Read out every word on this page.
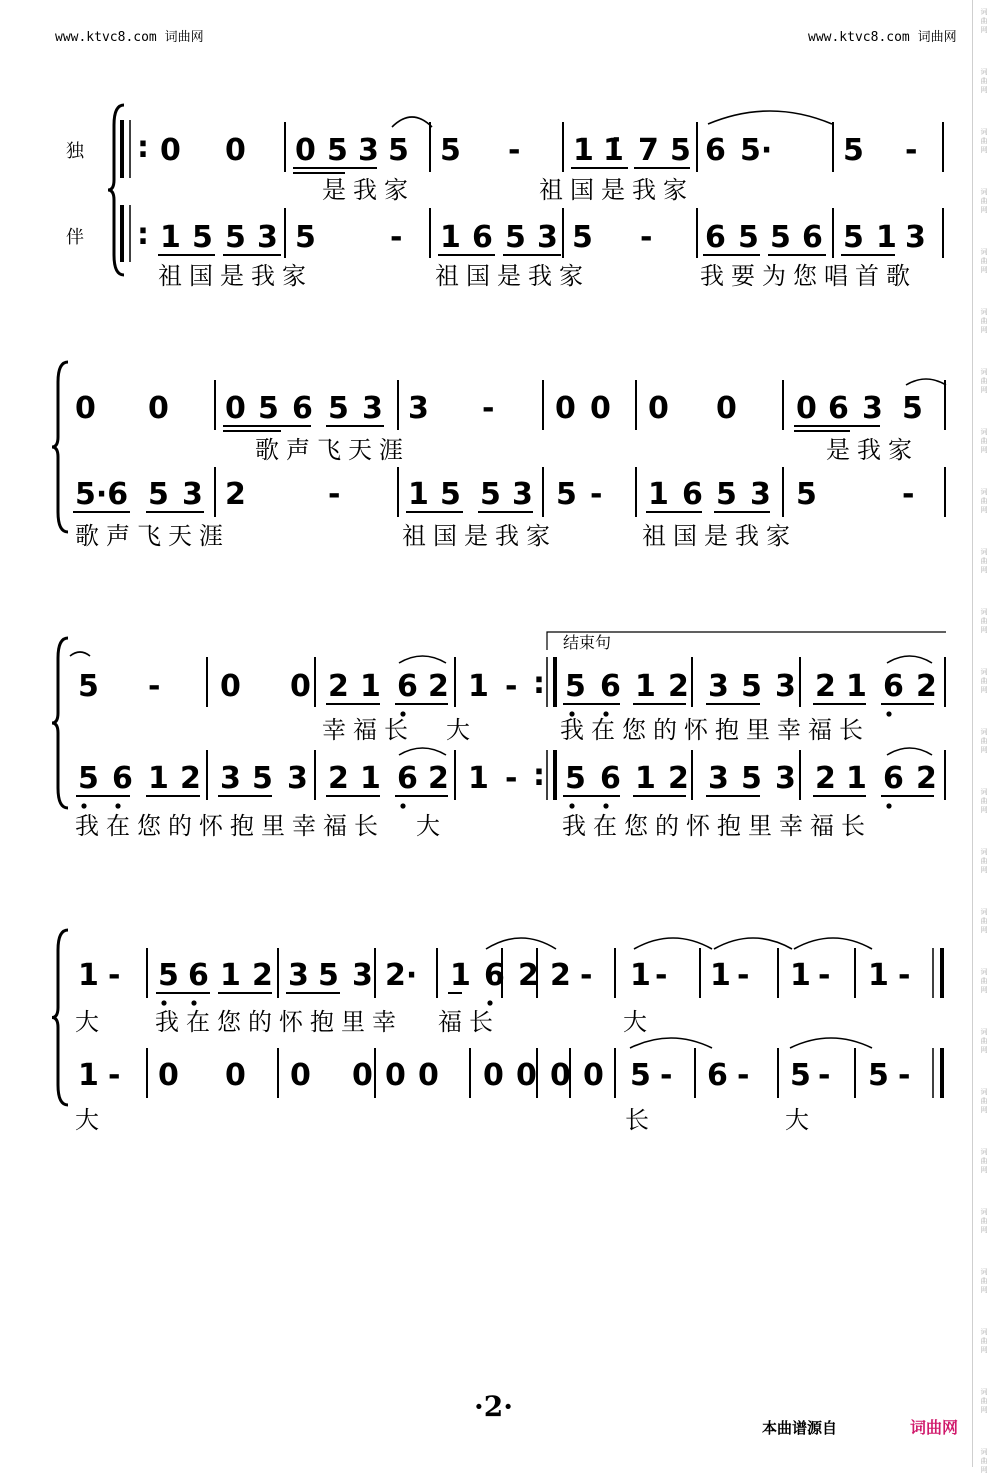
www.ktvc8.com 词曲网	www.ktvc8.com 词曲网
词
曲
网
词
曲
网
词
曲
网
词
曲
网
词
曲
网
词
曲
网
词
曲
网
词
曲
网
词
曲
网
词
曲
网
词
曲
网
词
曲
网
词
曲
网
词
曲
网
词
曲
网
词
曲
网
词
曲
网
词
曲
网
词
曲
网
词
曲
网
词
曲
网
词
曲
网
词
曲
网
词
曲
网
词
曲
网
独
伴
:
:
0 0 0 5 3 5 5 - 1 1̇ 7 5 6 5· 5 -
是我家　　　　祖国是我家
1 5 5 3 5 - 1 6 5 3 5 - 6 5 5 6 5 1 3
祖国是我家	祖国是我家	我要为您唱首歌
0 0 0 5 6 5 3 3 - 0 0 0 0 0 6 3 5
歌声飞天涯	是我家
5·6 5 3 2	- 1 5 5 3 5 - 1 6 5 3 5	-
歌声飞天涯	祖国是我家	祖国是我家
结束句
5 - 0 0 2 1 6 2 1 - 5 6 1 2 3 5 3 2 1 6 2
:
幸福长　大	我在您的怀抱里幸福长
5 6 1 2 3 5 3 2 1 6 2 1 - 5 6 1 2 3 5 3 2 1 6 2
:
我在您的怀抱里幸福长　大	我在您的怀抱里幸福长
1 - 5 6 1 2 3 5 3 2· 1 6 2 2 - 1 - 1 - 1 - 1 -
大 我在您的怀抱里幸 福长	大
1 - 0 0 0 0 0 0 0 0 0 0 5 - 6 - 5 - 5 -
大	长	大
·2·
本曲谱源自	词曲网
